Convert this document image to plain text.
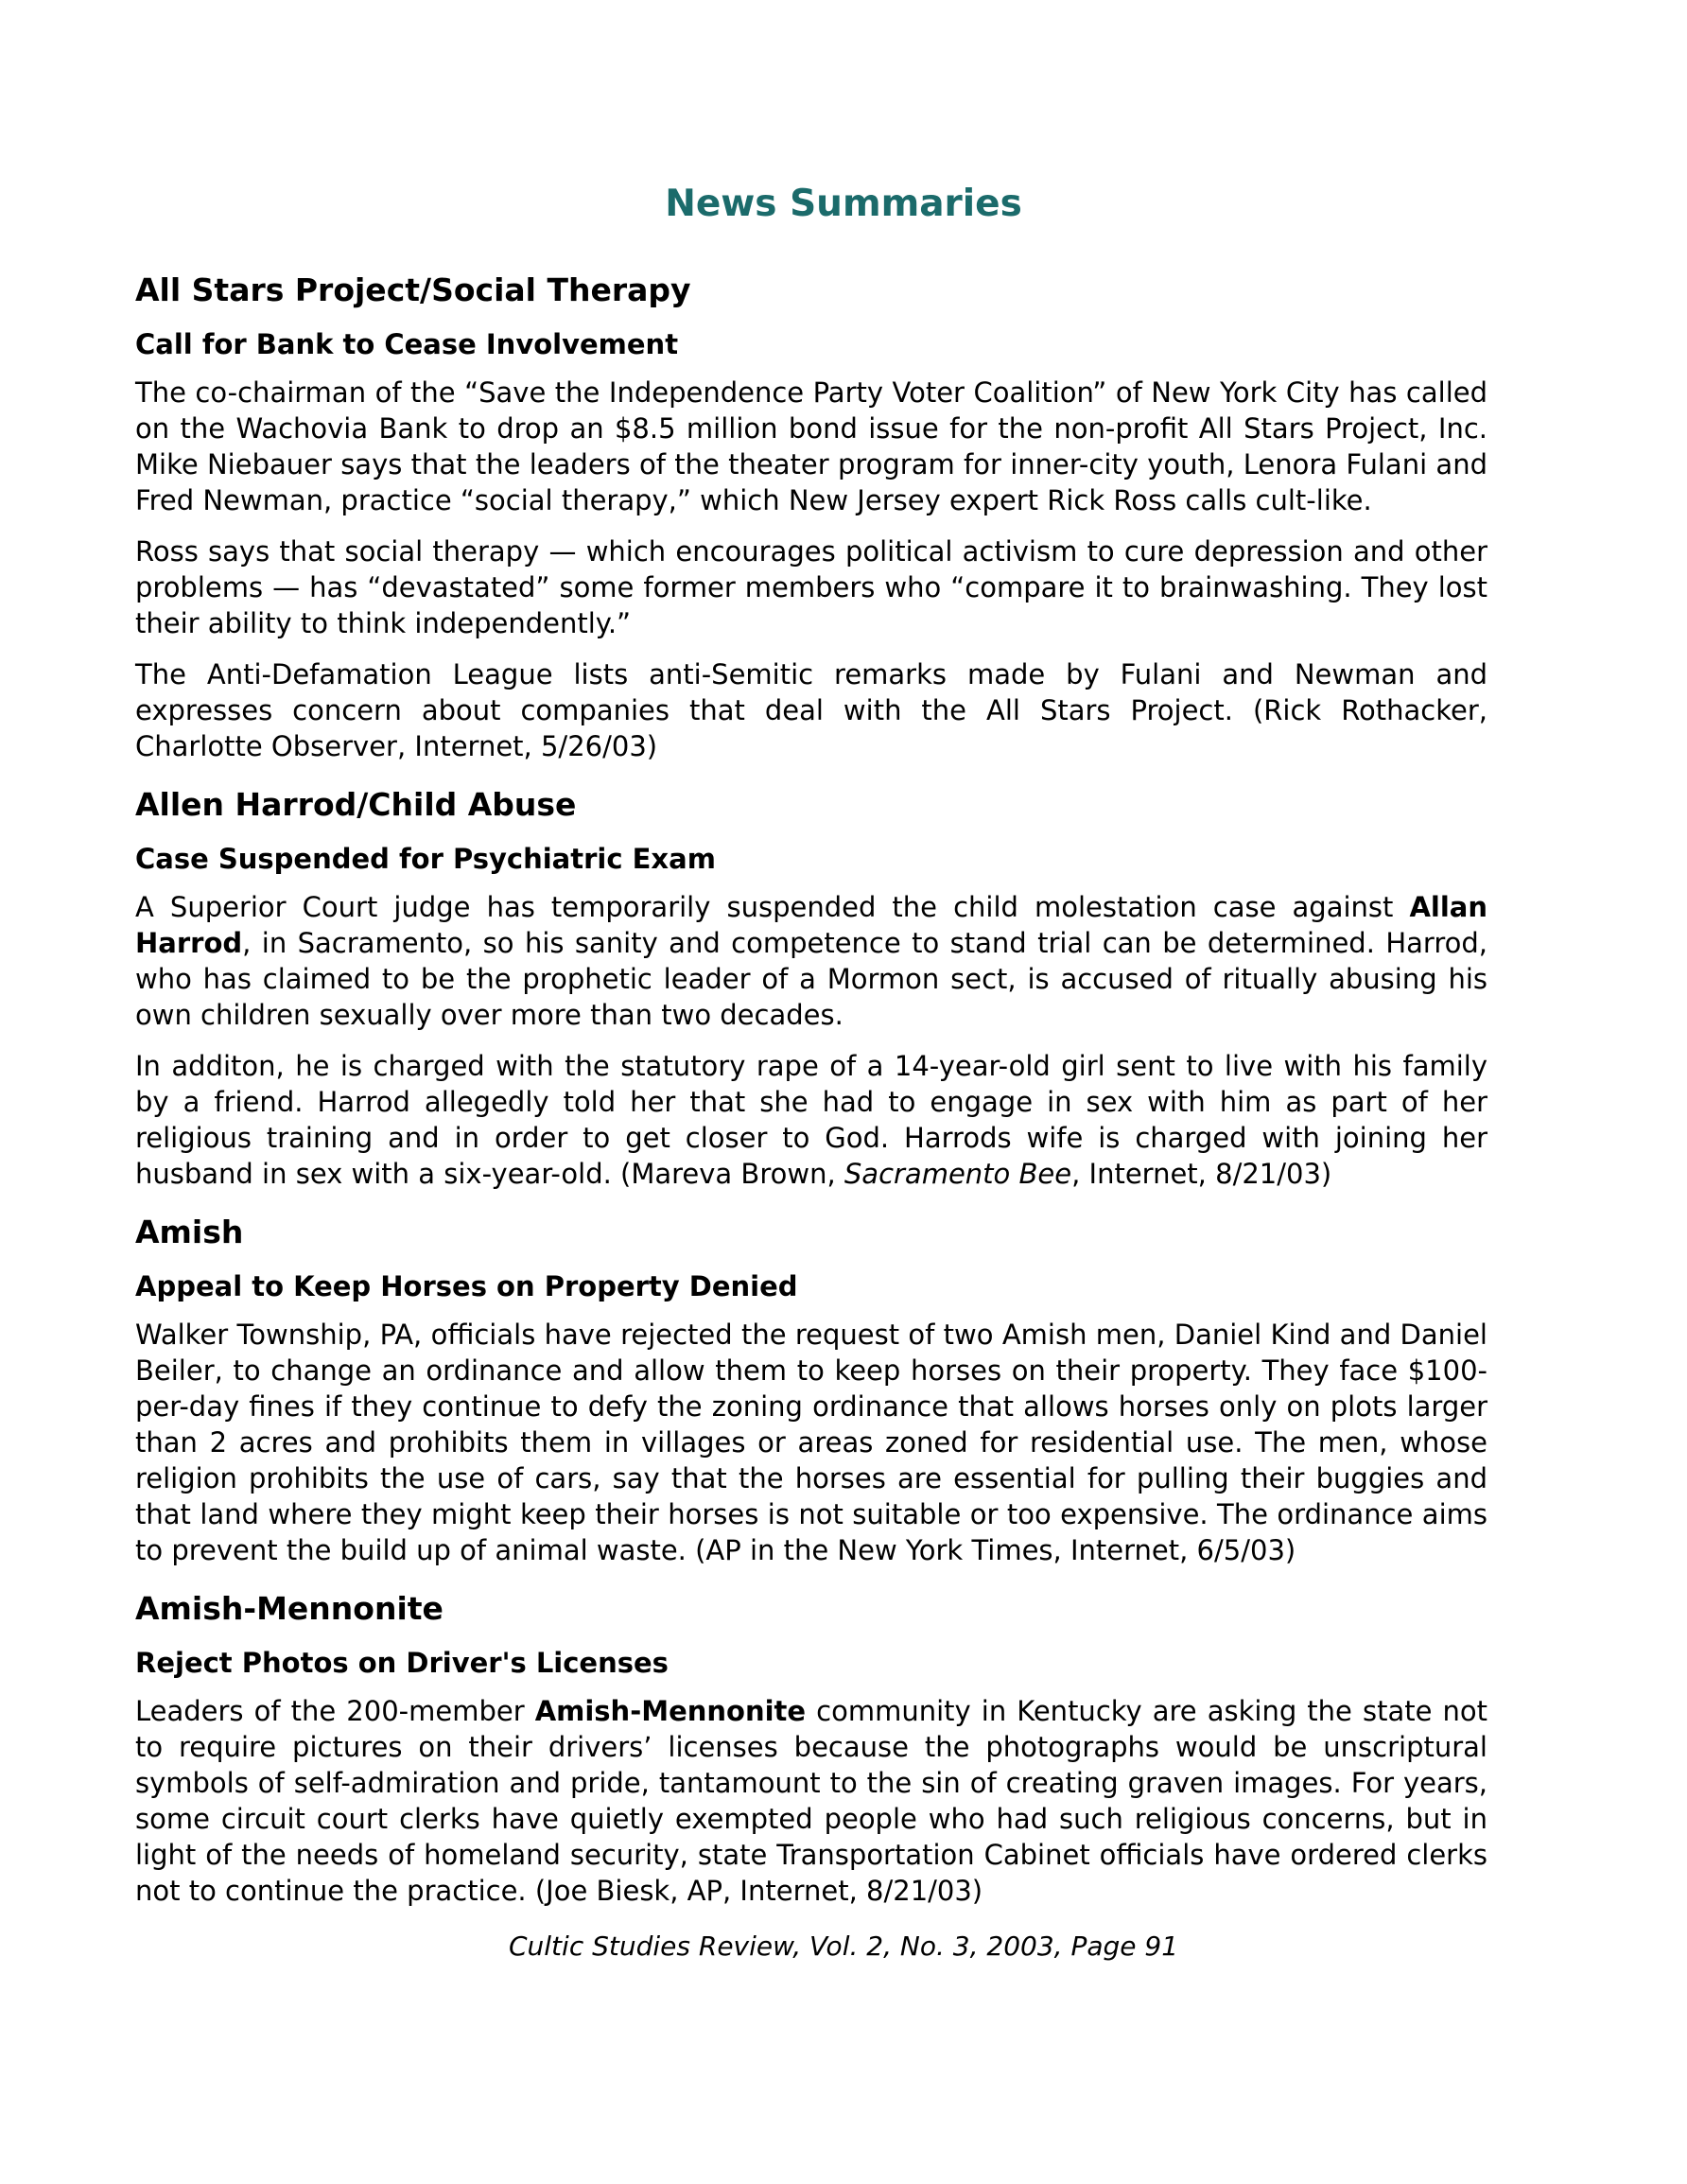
News Summaries
All Stars Project/Social Therapy
Call for Bank to Cease Involvement

The co-chairman of the “Save the Independence Party Voter Coalition” of New York City has called on the Wachovia Bank to drop an $8.5 million bond issue for the non-profit All Stars Project, Inc. Mike Niebauer says that the leaders of the theater program for inner-city youth, Lenora Fulani and Fred Newman, practice “social therapy,” which New Jersey expert Rick Ross calls cult-like.

Ross says that social therapy — which encourages political activism to cure depression and other problems — has “devastated” some former members who “compare it to brainwashing. They lost their ability to think independently.”

The Anti-Defamation League lists anti-Semitic remarks made by Fulani and Newman and expresses concern about companies that deal with the All Stars Project. (Rick Rothacker, Charlotte Observer, Internet, 5/26/03)

Allen Harrod/Child Abuse
Case Suspended for Psychiatric Exam

A Superior Court judge has temporarily suspended the child molestation case against Allan Harrod, in Sacramento, so his sanity and competence to stand trial can be determined. Harrod, who has claimed to be the prophetic leader of a Mormon sect, is accused of ritually abusing his own children sexually over more than two decades.

In additon, he is charged with the statutory rape of a 14-year-old girl sent to live with his family by a friend. Harrod allegedly told her that she had to engage in sex with him as part of her religious training and in order to get closer to God. Harrods wife is charged with joining her husband in sex with a six-year-old. (Mareva Brown, Sacramento Bee, Internet, 8/21/03)

Amish
Appeal to Keep Horses on Property Denied

Walker Township, PA, officials have rejected the request of two Amish men, Daniel Kind and Daniel Beiler, to change an ordinance and allow them to keep horses on their property. They face $100-per-day fines if they continue to defy the zoning ordinance that allows horses only on plots larger than 2 acres and prohibits them in villages or areas zoned for residential use. The men, whose religion prohibits the use of cars, say that the horses are essential for pulling their buggies and that land where they might keep their horses is not suitable or too expensive. The ordinance aims to prevent the build up of animal waste. (AP in the New York Times, Internet, 6/5/03)

Amish-Mennonite
Reject Photos on Driver's Licenses

Leaders of the 200-member Amish-Mennonite community in Kentucky are asking the state not to require pictures on their drivers’ licenses because the photographs would be unscriptural symbols of self-admiration and pride, tantamount to the sin of creating graven images. For years, some circuit court clerks have quietly exempted people who had such religious concerns, but in light of the needs of homeland security, state Transportation Cabinet officials have ordered clerks not to continue the practice. (Joe Biesk, AP, Internet, 8/21/03)

Cultic Studies Review, Vol. 2, No. 3, 2003, Page 91
